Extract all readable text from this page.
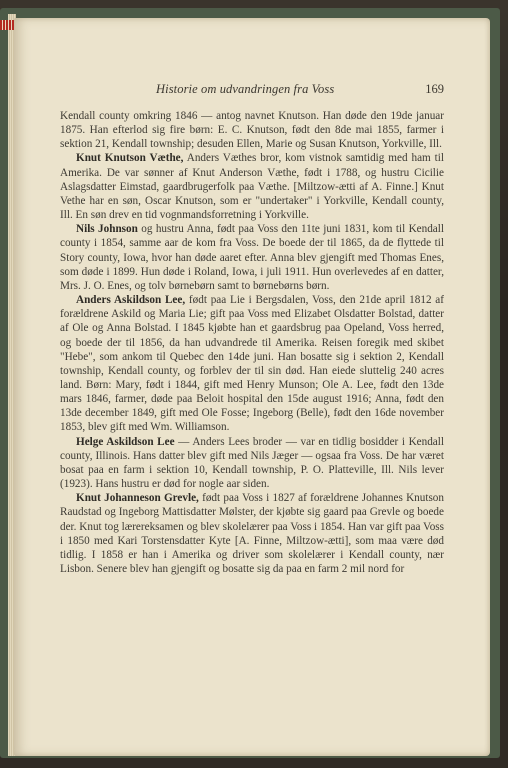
Historie om udvandringen fra Voss	169

Kendall county omkring 1846 — antog navnet Knutson. Han døde den 19de januar 1875. Han efterlod sig fire børn: E. C. Knutson, født den 8de mai 1855, farmer i sektion 21, Kendall township; desuden Ellen, Marie og Susan Knutson, Yorkville, Ill.

Knut Knutson Væthe, Anders Væthes bror, kom vistnok samtidig med ham til Amerika. De var sønner af Knut Anderson Væthe, født i 1788, og hustru Cicilie Aslagsdatter Eimstad, gaardbrugerfolk paa Væthe. [Miltzow-ætti af A. Finne.] Knut Vethe har en søn, Oscar Knutson, som er "undertaker" i Yorkville, Kendall county, Ill. En søn drev en tid vognmandsforretning i Yorkville.

Nils Johnson og hustru Anna, født paa Voss den 11te juni 1831, kom til Kendall county i 1854, samme aar de kom fra Voss. De boede der til 1865, da de flyttede til Story county, Iowa, hvor han døde aaret efter. Anna blev gjengift med Thomas Enes, som døde i 1899. Hun døde i Roland, Iowa, i juli 1911. Hun overlevedes af en datter, Mrs. J. O. Enes, og tolv børnebørn samt to børnebørns børn.

Anders Askildson Lee, født paa Lie i Bergsdalen, Voss, den 21de april 1812 af forældrene Askild og Maria Lie; gift paa Voss med Elizabet Olsdatter Bolstad, datter af Ole og Anna Bolstad. I 1845 kjøbte han et gaardsbrug paa Opeland, Voss herred, og boede der til 1856, da han udvandrede til Amerika. Reisen foregik med skibet "Hebe", som ankom til Quebec den 14de juni. Han bosatte sig i sektion 2, Kendall township, Kendall county, og forblev der til sin død. Han eiede sluttelig 240 acres land. Børn: Mary, født i 1844, gift med Henry Munson; Ole A. Lee, født den 13de mars 1846, farmer, døde paa Beloit hospital den 15de august 1916; Anna, født den 13de december 1849, gift med Ole Fosse; Ingeborg (Belle), født den 16de november 1853, blev gift med Wm. Williamson.

Helge Askildson Lee — Anders Lees broder — var en tidlig bosidder i Kendall county, Illinois. Hans datter blev gift med Nils Jæger — ogsaa fra Voss. De har været bosat paa en farm i sektion 10, Kendall township, P. O. Platteville, Ill. Nils lever (1923). Hans hustru er død for nogle aar siden.

Knut Johanneson Grevle, født paa Voss i 1827 af forældrene Johannes Knutson Raudstad og Ingeborg Mattisdatter Mølster, der kjøbte sig gaard paa Grevle og boede der. Knut tog lærereksamen og blev skolelærer paa Voss i 1854. Han var gift paa Voss i 1850 med Kari Torstensdatter Kyte [A. Finne, Miltzow-ætti], som maa være død tidlig. I 1858 er han i Amerika og driver som skolelærer i Kendall county, nær Lisbon. Senere blev han gjengift og bosatte sig da paa en farm 2 mil nord for
